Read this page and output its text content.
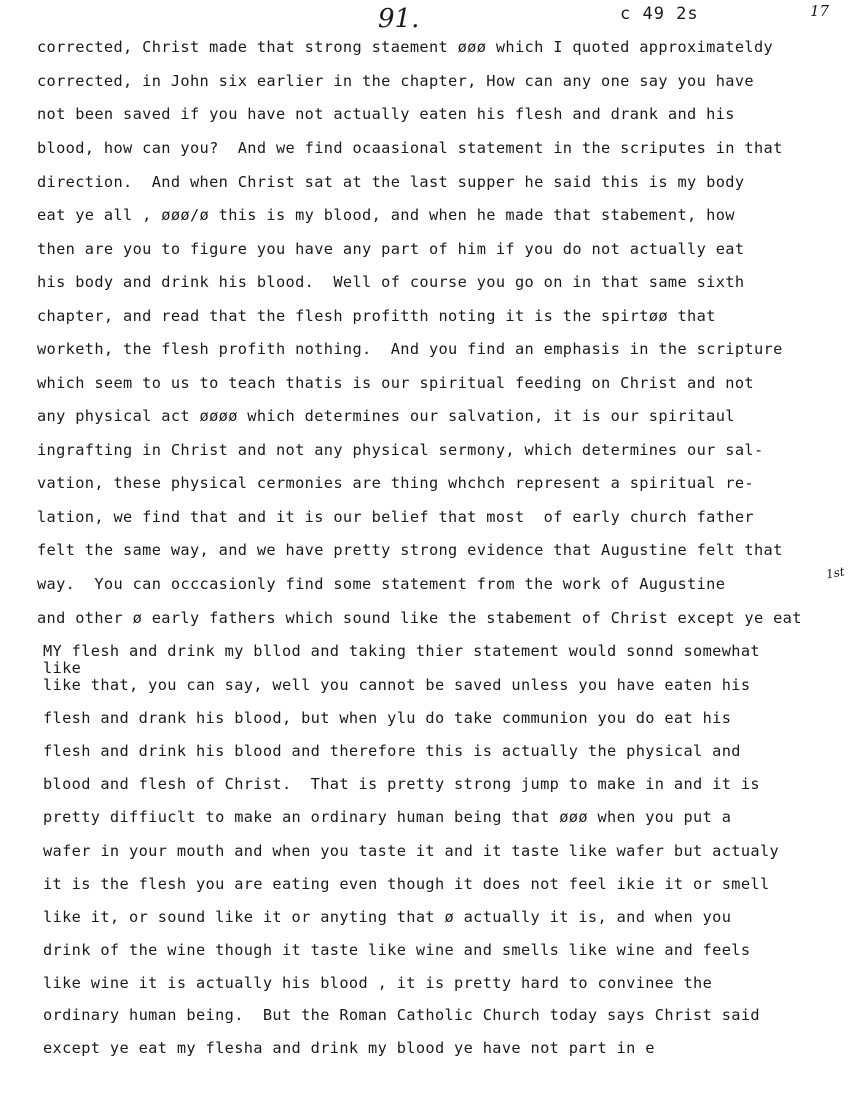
91.	c 49 2s	17
1st
corrected, Christ made that strong staement øøø which I quoted approximateldy
corrected, in John six earlier in the chapter, How can any one say you have
not been saved if you have not actually eaten his flesh and drank and his
blood, how can you?  And we find ocaasional statement in the scriputes in that
direction.  And when Christ sat at the last supper he said this is my body
eat ye all , øøø/ø this is my blood, and when he made that stabement, how
then are you to figure you have any part of him if you do not actually eat
his body and drink his blood.  Well of course you go on in that same sixth
chapter, and read that the flesh profitth noting it is the spirtøø that
worketh, the flesh profith nothing.  And you find an emphasis in the scripture
which seem to us to teach thatis is our spiritual feeding on Christ and not
any physical act øøøø which determines our salvation, it is our spiritaul
ingrafting in Christ and not any physical sermony, which determines our sal-
vation, these physical cermonies are thing whchch represent a spiritual re-
lation, we find that and it is our belief that most  of early church father
felt the same way, and we have pretty strong evidence that Augustine felt that
way.  You can occcasionly find some statement from the work of Augustine
and other ø early fathers which sound like the stabement of Christ except ye eat
MY flesh and drink my bllod and taking thier statement would sonnd somewhat
like
like that, you can say, well you cannot be saved unless you have eaten his
flesh and drank his blood, but when ylu do take communion you do eat his
flesh and drink his blood and therefore this is actually the physical and
blood and flesh of Christ.  That is pretty strong jump to make in and it is
pretty diffiuclt to make an ordinary human being that øøø when you put a
wafer in your mouth and when you taste it and it taste like wafer but actualy
it is the flesh you are eating even though it does not feel ikie it or smell
like it, or sound like it or anyting that ø actually it is, and when you
drink of the wine though it taste like wine and smells like wine and feels
like wine it is actually his blood , it is pretty hard to convinee the
ordinary human being.  But the Roman Catholic Church today says Christ said
except ye eat my flesha and drink my blood ye have not part in e
